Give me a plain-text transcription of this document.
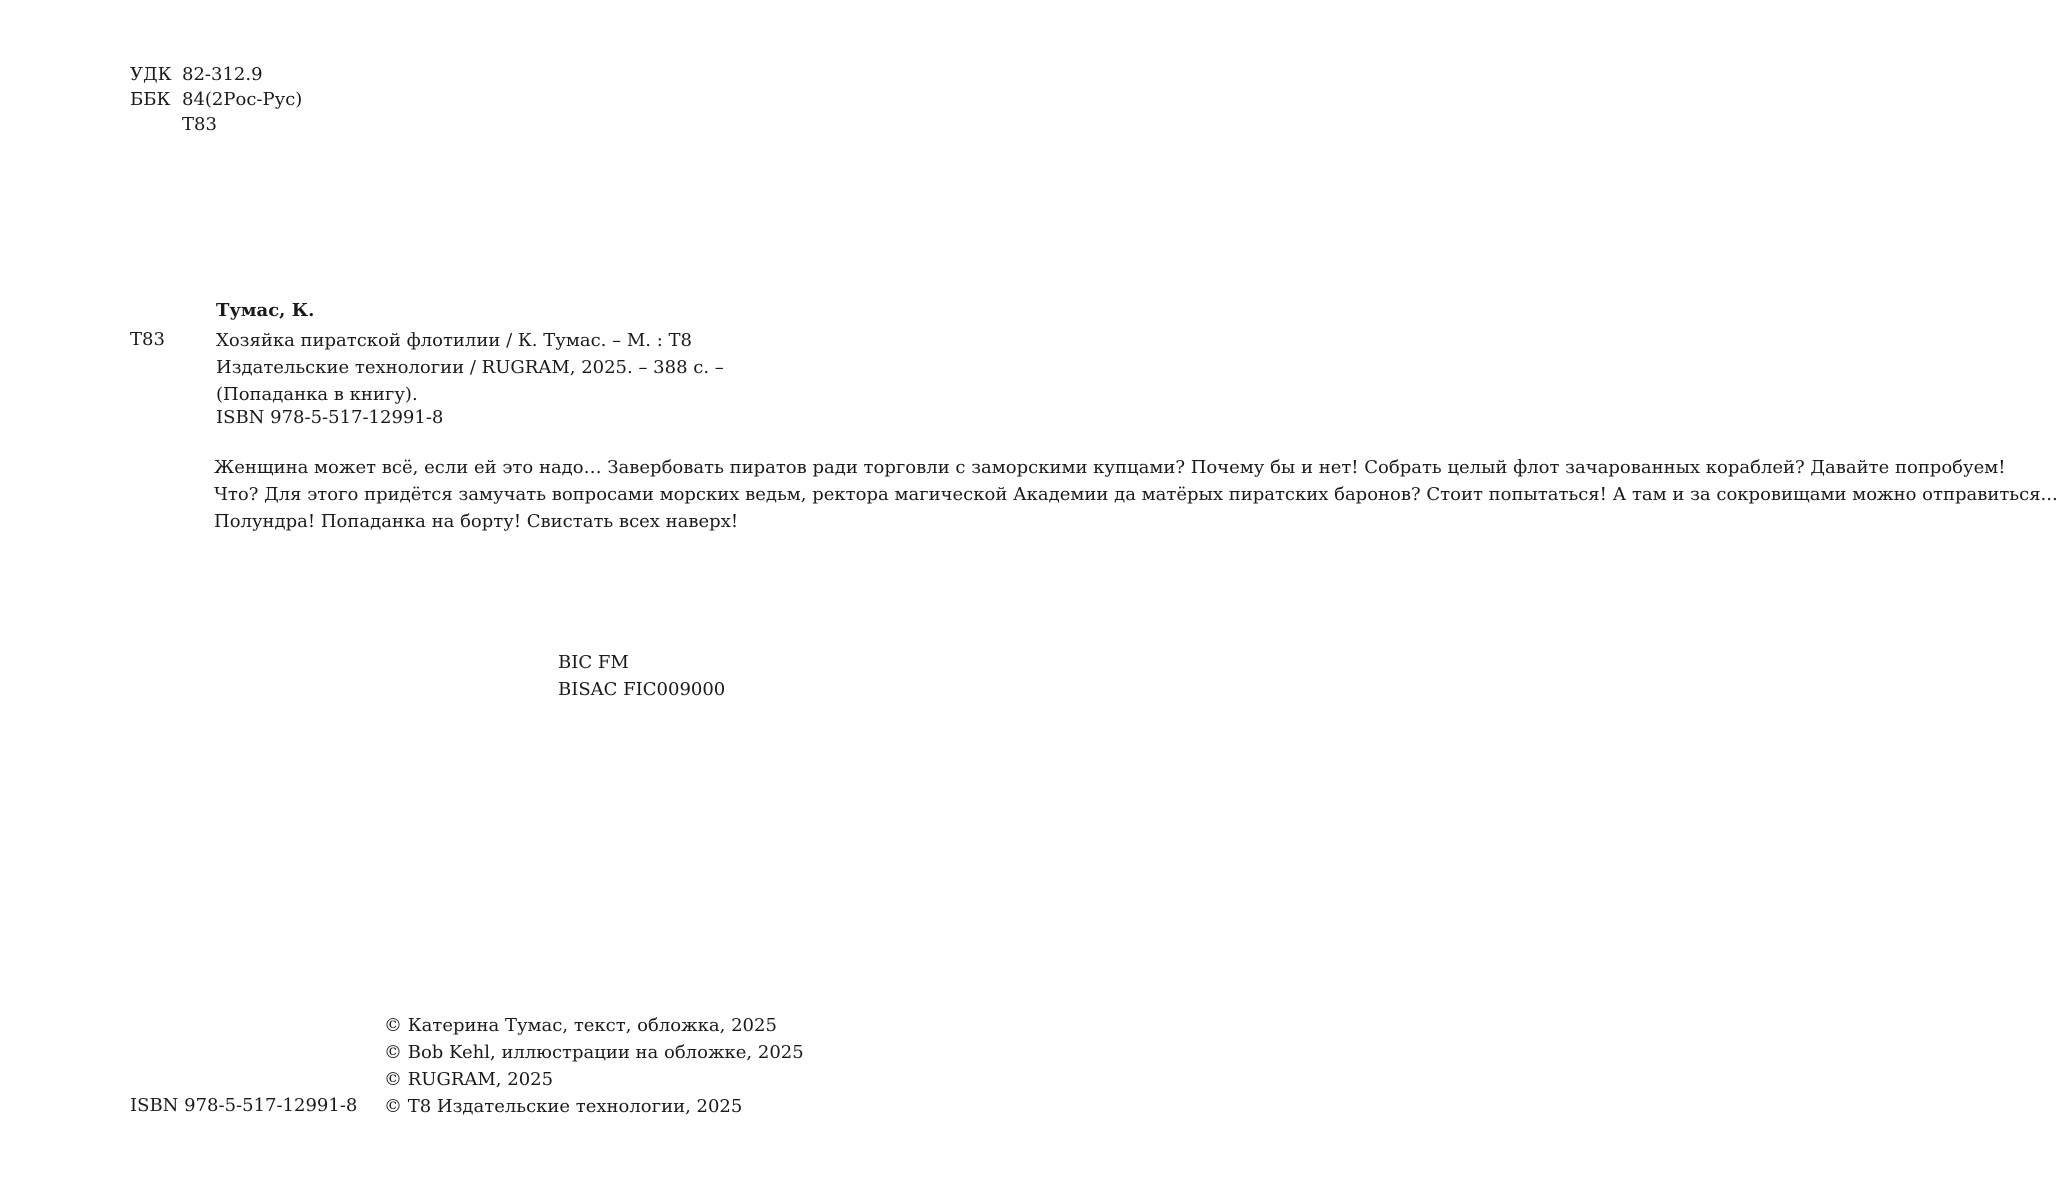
УДК 82-312.9
ББК 84(2Рос-Рус)
Т83
Тумас, К.
Т83	Хозяйка пиратской флотилии / К. Тумас. – М. : Т8 Издательские технологии / RUGRAM, 2025. – 388 с. – (Попаданка в книгу).
ISBN 978-5-517-12991-8

Женщина может всё, если ей это надо… Завербовать пиратов ради торговли с заморскими купцами? Почему бы и нет! Собрать целый флот зачарованных кораблей? Давайте попробуем!

Что? Для этого придётся замучать вопросами морских ведьм, ректора магической Академии да матёрых пиратских баронов? Стоит попытаться! А там и за сокровищами можно отправиться...

Полундра! Попаданка на борту! Свистать всех наверх!

BIC FM
BISAC FIC009000
© Катерина Тумас, текст, обложка, 2025
© Bob Kehl, иллюстрации на обложке, 2025
© RUGRAM, 2025
© Т8 Издательские технологии, 2025
ISBN 978-5-517-12991-8
